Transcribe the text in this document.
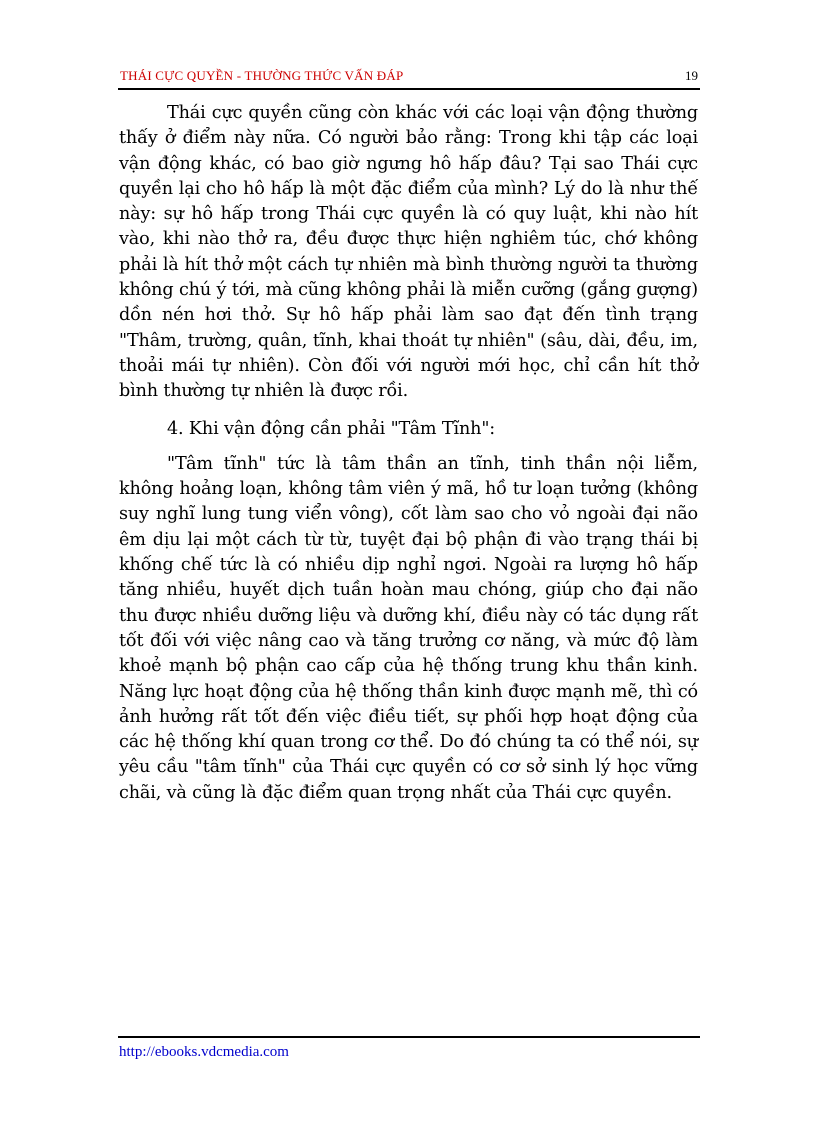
THÁI CỰC QUYỀN - THƯỜNG THỨC VẤN ĐÁP	19

Thái cực quyền cũng còn khác với các loại vận động thường thấy ở điểm này nữa. Có người bảo rằng: Trong khi tập các loại vận động khác, có bao giờ ngưng hô hấp đâu? Tại sao Thái cực quyền lại cho hô hấp là một đặc điểm của mình? Lý do là như thế này: sự hô hấp trong Thái cực quyền là có quy luật, khi nào hít vào, khi nào thở ra, đều được thực hiện nghiêm túc, chớ không phải là hít thở một cách tự nhiên mà bình thường người ta thường không chú ý tới, mà cũng không phải là miễn cưỡng (gắng gượng) dồn nén hơi thở. Sự hô hấp phải làm sao đạt đến tình trạng "Thâm, trường, quân, tĩnh, khai thoát tự nhiên" (sâu, dài, đều, im, thoải mái tự nhiên). Còn đối với người mới học, chỉ cần hít thở bình thường tự nhiên là được rồi.

4. Khi vận động cần phải "Tâm Tĩnh":

"Tâm tĩnh" tức là tâm thần an tĩnh, tinh thần nội liễm, không hoảng loạn, không tâm viên ý mã, hồ tư loạn tưởng (không suy nghĩ lung tung viển vông), cốt làm sao cho vỏ ngoài đại não êm dịu lại một cách từ từ, tuyệt đại bộ phận đi vào trạng thái bị khống chế tức là có nhiều dịp nghỉ ngơi. Ngoài ra lượng hô hấp tăng nhiều, huyết dịch tuần hoàn mau chóng, giúp cho đại não thu được nhiều dưỡng liệu và dưỡng khí, điều này có tác dụng rất tốt đối với việc nâng cao và tăng trưởng cơ năng, và mức độ làm khoẻ mạnh bộ phận cao cấp của hệ thống trung khu thần kinh. Năng lực hoạt động của hệ thống thần kinh được mạnh mẽ, thì có ảnh hưởng rất tốt đến việc điều tiết, sự phối hợp hoạt động của các hệ thống khí quan trong cơ thể. Do đó chúng ta có thể nói, sự yêu cầu "tâm tĩnh" của Thái cực quyền có cơ sở sinh lý học vững chãi, và cũng là đặc điểm quan trọng nhất của Thái cực quyền.

http://ebooks.vdcmedia.com
